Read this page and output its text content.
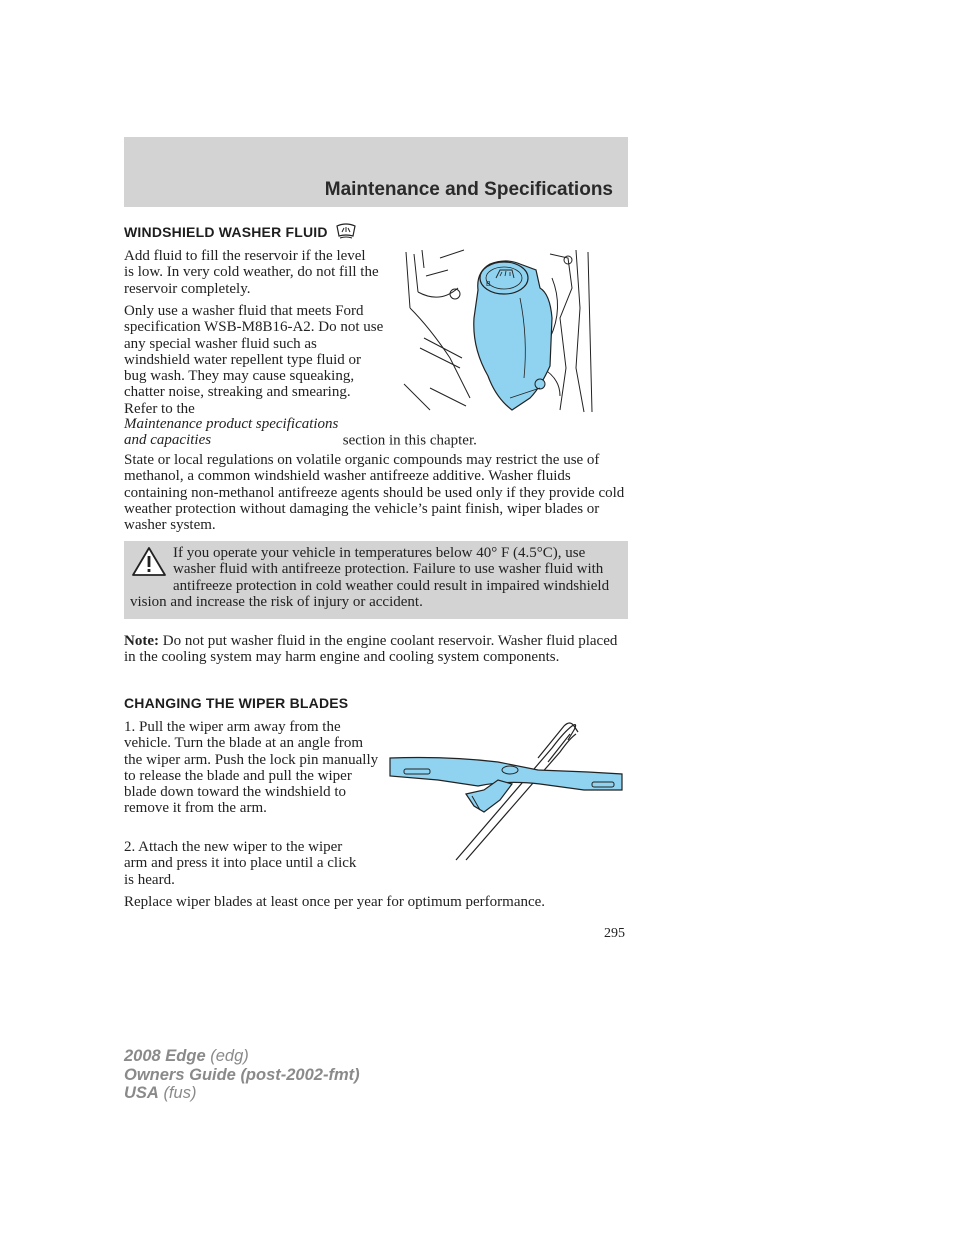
Maintenance and Specifications
WINDSHIELD WASHER FLUID

Add fluid to fill the reservoir if the level is low. In very cold weather, do not fill the reservoir completely.

Only use a washer fluid that meets Ford specification WSB-M8B16-A2. Do not use any special washer fluid such as windshield water repellent type fluid or bug wash. They may cause squeaking, chatter noise, streaking and smearing. Refer to the

Maintenance product specifications and capacities	section in this chapter.

B

State or local regulations on volatile organic compounds may restrict the use of methanol, a common windshield washer antifreeze additive. Washer fluids containing non-methanol antifreeze agents should be used only if they provide cold weather protection without damaging the vehicle’s paint finish, wiper blades or washer system.

If you operate your vehicle in temperatures below 40° F (4.5°C), use washer fluid with antifreeze protection. Failure to use washer fluid with antifreeze protection in cold weather could result in impaired windshield vision and increase the risk of injury or accident.

Note: Do not put washer fluid in the engine coolant reservoir. Washer fluid placed in the cooling system may harm engine and cooling system components.

CHANGING THE WIPER BLADES

1. Pull the wiper arm away from the vehicle. Turn the blade at an angle from the wiper arm. Push the lock pin manually to release the blade and pull the wiper blade down toward the windshield to remove it from the arm.

2. Attach the new wiper to the wiper arm and press it into place until a click is heard.

Replace wiper blades at least once per year for optimum performance.

295
2008 Edge (edg)
Owners Guide (post-2002-fmt)
USA (fus)
